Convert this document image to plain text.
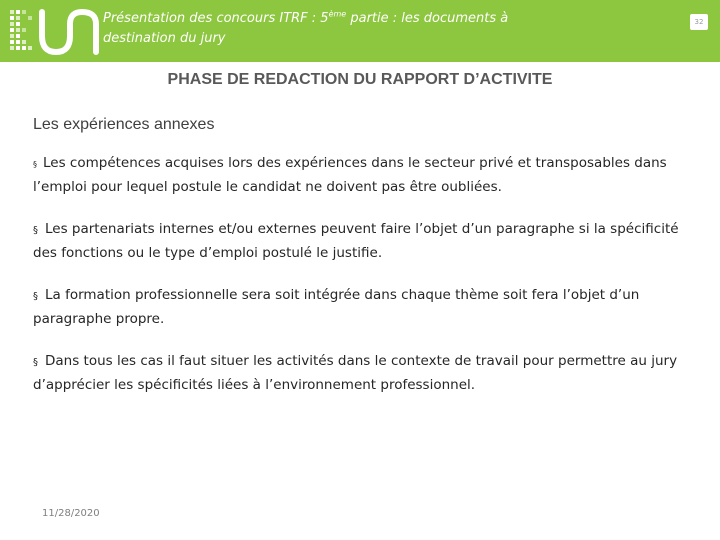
Présentation des concours ITRF : 5ème partie : les documents à
destination du jury
32
PHASE DE REDACTION DU RAPPORT D’ACTIVITE
Les expériences annexes
§ Les compétences acquises lors des expériences dans le secteur privé et transposables dans l’emploi pour lequel postule le candidat ne doivent pas être oubliées.
§ Les partenariats internes et/ou externes peuvent faire l’objet d’un paragraphe si la spécificité des fonctions ou le type d’emploi postulé le justifie.
§ La formation professionnelle sera soit intégrée dans chaque thème soit fera l’objet d’un paragraphe propre.
§ Dans tous les cas il faut situer les activités dans le contexte de travail pour permettre au jury d’apprécier les spécificités liées à l’environnement professionnel.
11/28/2020
